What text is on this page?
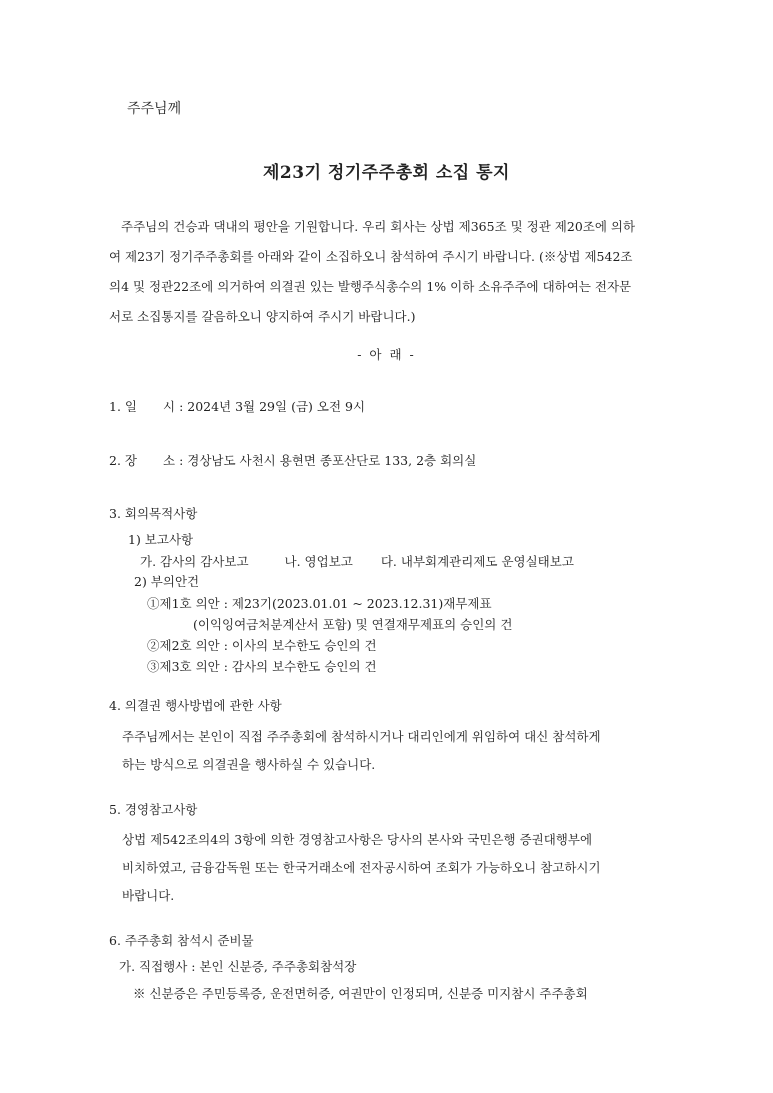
주주님께
제23기 정기주주총회 소집 통지

주주님의 건승과 댁내의 평안을 기원합니다. 우리 회사는 상법 제365조 및 정관 제20조에 의하

여 제23기 정기주주총회를 아래와 같이 소집하오니 참석하여 주시기 바랍니다. (※상법 제542조

의4 및 정관22조에 의거하여 의결권 있는 발행주식총수의 1% 이하 소유주주에 대하여는 전자문

서로 소집통지를 갈음하오니 양지하여 주시기 바랍니다.)

- 아 래 -
1. 일 시 : 2024년 3월 29일 (금) 오전 9시
2. 장 소 : 경상남도 사천시 용현면 종포산단로 133, 2층 회의실
3. 회의목적사항
1) 보고사항
가. 감사의 감사보고	나. 영업보고 다. 내부회계관리제도 운영실태보고
2) 부의안건
①제1호 의안 : 제23기(2023.01.01 ~ 2023.12.31)재무제표
(이익잉여금처분계산서 포함) 및 연결재무제표의 승인의 건
②제2호 의안 : 이사의 보수한도 승인의 건
③제3호 의안 : 감사의 보수한도 승인의 건
4. 의결권 행사방법에 관한 사항
주주님께서는 본인이 직접 주주총회에 참석하시거나 대리인에게 위임하여 대신 참석하게
하는 방식으로 의결권을 행사하실 수 있습니다.
5. 경영참고사항
상법 제542조의4의 3항에 의한 경영참고사항은 당사의 본사와 국민은행 증권대행부에
비치하였고, 금융감독원 또는 한국거래소에 전자공시하여 조회가 가능하오니 참고하시기
바랍니다.
6. 주주총회 참석시 준비물
가. 직접행사 : 본인 신분증, 주주총회참석장
※ 신분증은 주민등록증, 운전면허증, 여권만이 인정되며, 신분증 미지참시 주주총회
